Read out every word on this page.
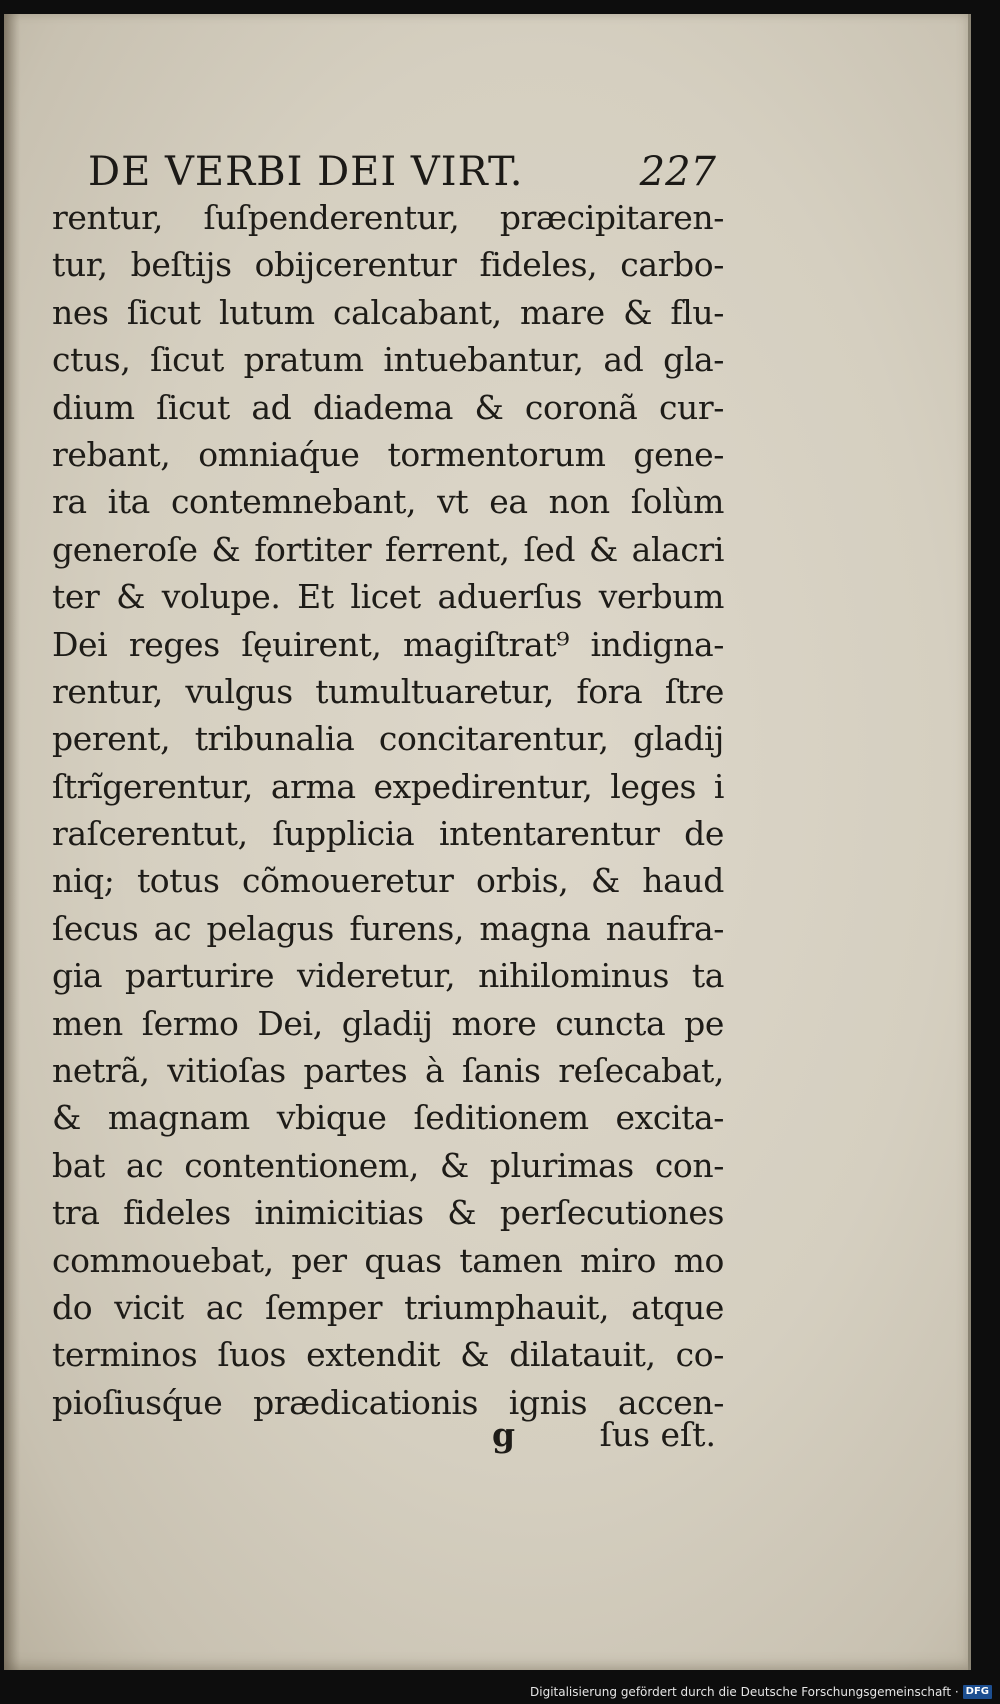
DE VERBI DEI VIRT.	227
rentur, ſuſpenderentur, præcipitaren-
tur, beſtijs obijcerentur fideles, carbo-
nes ſicut lutum calcabant, mare & flu-
ctus, ſicut pratum intuebantur, ad gla-
dium ſicut ad diadema & coronã cur-
rebant, omniaq́ue tormentorum gene-
ra ita contemnebant, vt ea non ſolùm
generoſe & fortiter ferrent, ſed & alacri
ter & volupe. Et licet aduerſus verbum
Dei reges ſęuirent, magiſtrat⁹ indigna-
rentur, vulgus tumultuaretur, fora ſtre
perent, tribunalia concitarentur, gladij
ſtrĩgerentur, arma expedirentur, leges i
raſcerentut, ſupplicia intentarentur de
niq; totus cõmoueretur orbis, & haud
ſecus ac pelagus furens, magna naufra-
gia parturire videretur, nihilominus ta
men ſermo Dei, gladij more cuncta pe
netrã, vitioſas partes à ſanis reſecabat,
& magnam vbique ſeditionem excita-
bat ac contentionem, & plurimas con-
tra fideles inimicitias & perſecutiones
commouebat, per quas tamen miro mo
do vicit ac ſemper triumphauit, atque
terminos ſuos extendit & dilatauit, co-
pioſiusq́ue prædicationis ignis accen-
g	ſus eſt.
Digitalisierung gefördert durch die Deutsche Forschungsgemeinschaft · DFG
